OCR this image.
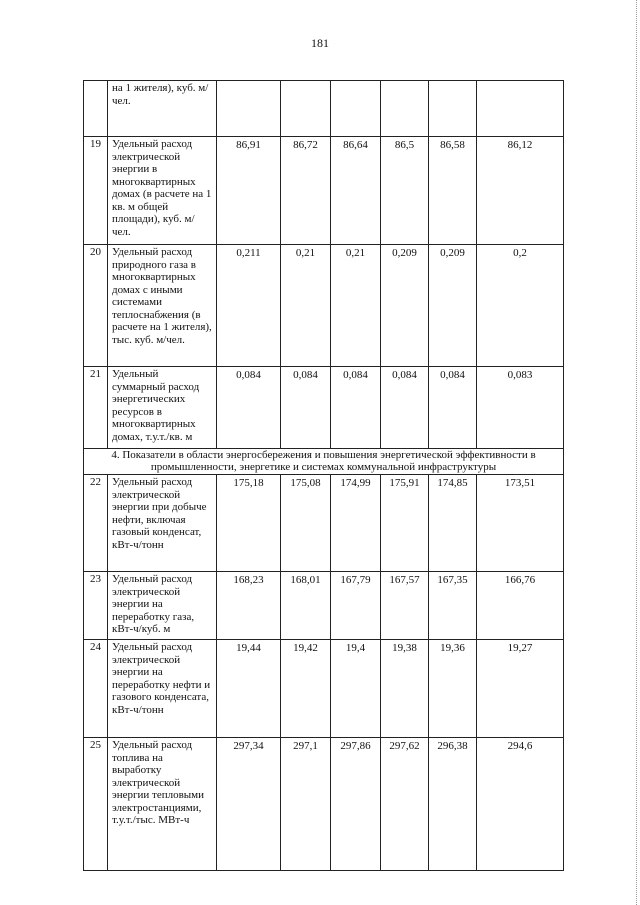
181
	на 1 жителя), куб. м/чел.						
19	Удельный расход электрической энергии в многоквартирных домах (в расчете на 1 кв. м общей площади), куб. м/чел.	86,91	86,72	86,64	86,5	86,58	86,12
20	Удельный расход природного газа в многоквартирных домах с иными системами теплоснабжения (в расчете на 1 жителя), тыс. куб. м/чел.	0,211	0,21	0,21	0,209	0,209	0,2
21	Удельный суммарный расход энергетических ресурсов в многоквартирных домах, т.у.т./кв. м	0,084	0,084	0,084	0,084	0,084	0,083
4. Показатели в области энергосбережения и повышения энергетической эффективности в промышленности, энергетике и системах коммунальной инфраструктуры							
22	Удельный расход электрической энергии при добыче нефти, включая газовый конденсат, кВт-ч/тонн	175,18	175,08	174,99	175,91	174,85	173,51
23	Удельный расход электрической энергии на переработку газа, кВт-ч/куб. м	168,23	168,01	167,79	167,57	167,35	166,76
24	Удельный расход электрической энергии на переработку нефти и газового конденсата, кВт-ч/тонн	19,44	19,42	19,4	19,38	19,36	19,27
25	Удельный расход топлива на выработку электрической энергии тепловыми электростанциями, т.у.т./тыс. МВт-ч	297,34	297,1	297,86	297,62	296,38	294,6
